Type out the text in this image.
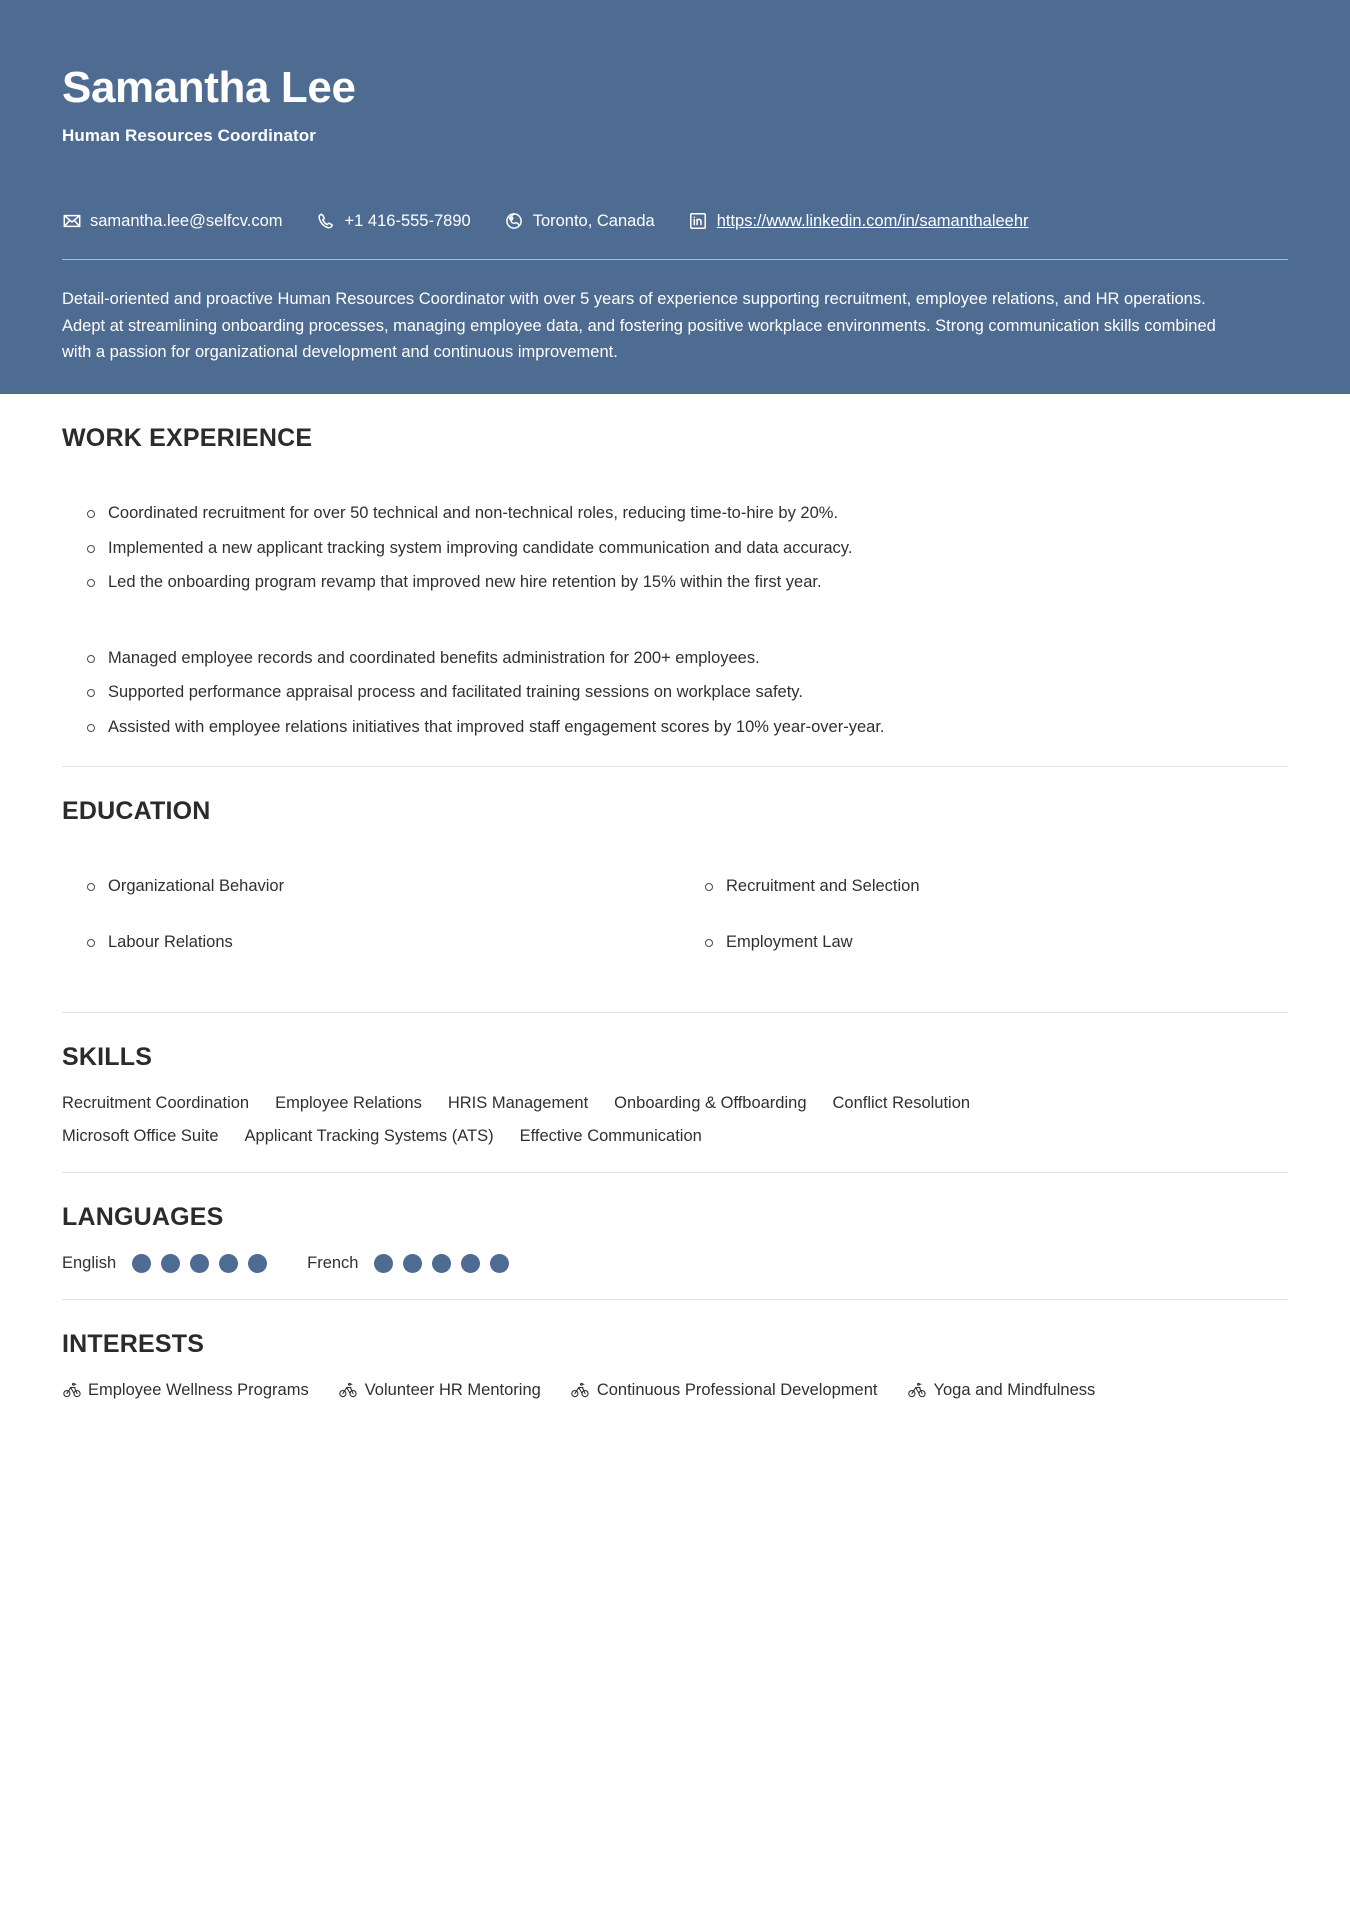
Samantha Lee
Human Resources Coordinator
samantha.lee@selfcv.com	+1 416-555-7890	Toronto, Canada	https://www.linkedin.com/in/samanthaleehr
Detail-oriented and proactive Human Resources Coordinator with over 5 years of experience supporting recruitment, employee relations, and HR operations. Adept at streamlining onboarding processes, managing employee data, and fostering positive workplace environments. Strong communication skills combined with a passion for organizational development and continuous improvement.
WORK EXPERIENCE
Coordinated recruitment for over 50 technical and non-technical roles, reducing time-to-hire by 20%.
Implemented a new applicant tracking system improving candidate communication and data accuracy.
Led the onboarding program revamp that improved new hire retention by 15% within the first year.
Managed employee records and coordinated benefits administration for 200+ employees.
Supported performance appraisal process and facilitated training sessions on workplace safety.
Assisted with employee relations initiatives that improved staff engagement scores by 10% year-over-year.
EDUCATION
Organizational Behavior	Recruitment and Selection
Labour Relations	Employment Law
SKILLS
Recruitment Coordination Employee Relations HRIS Management Onboarding & Offboarding Conflict Resolution
Microsoft Office Suite Applicant Tracking Systems (ATS) Effective Communication
LANGUAGES
English	French
INTERESTS
Employee Wellness Programs	Volunteer HR Mentoring	Continuous Professional Development	Yoga and Mindfulness
